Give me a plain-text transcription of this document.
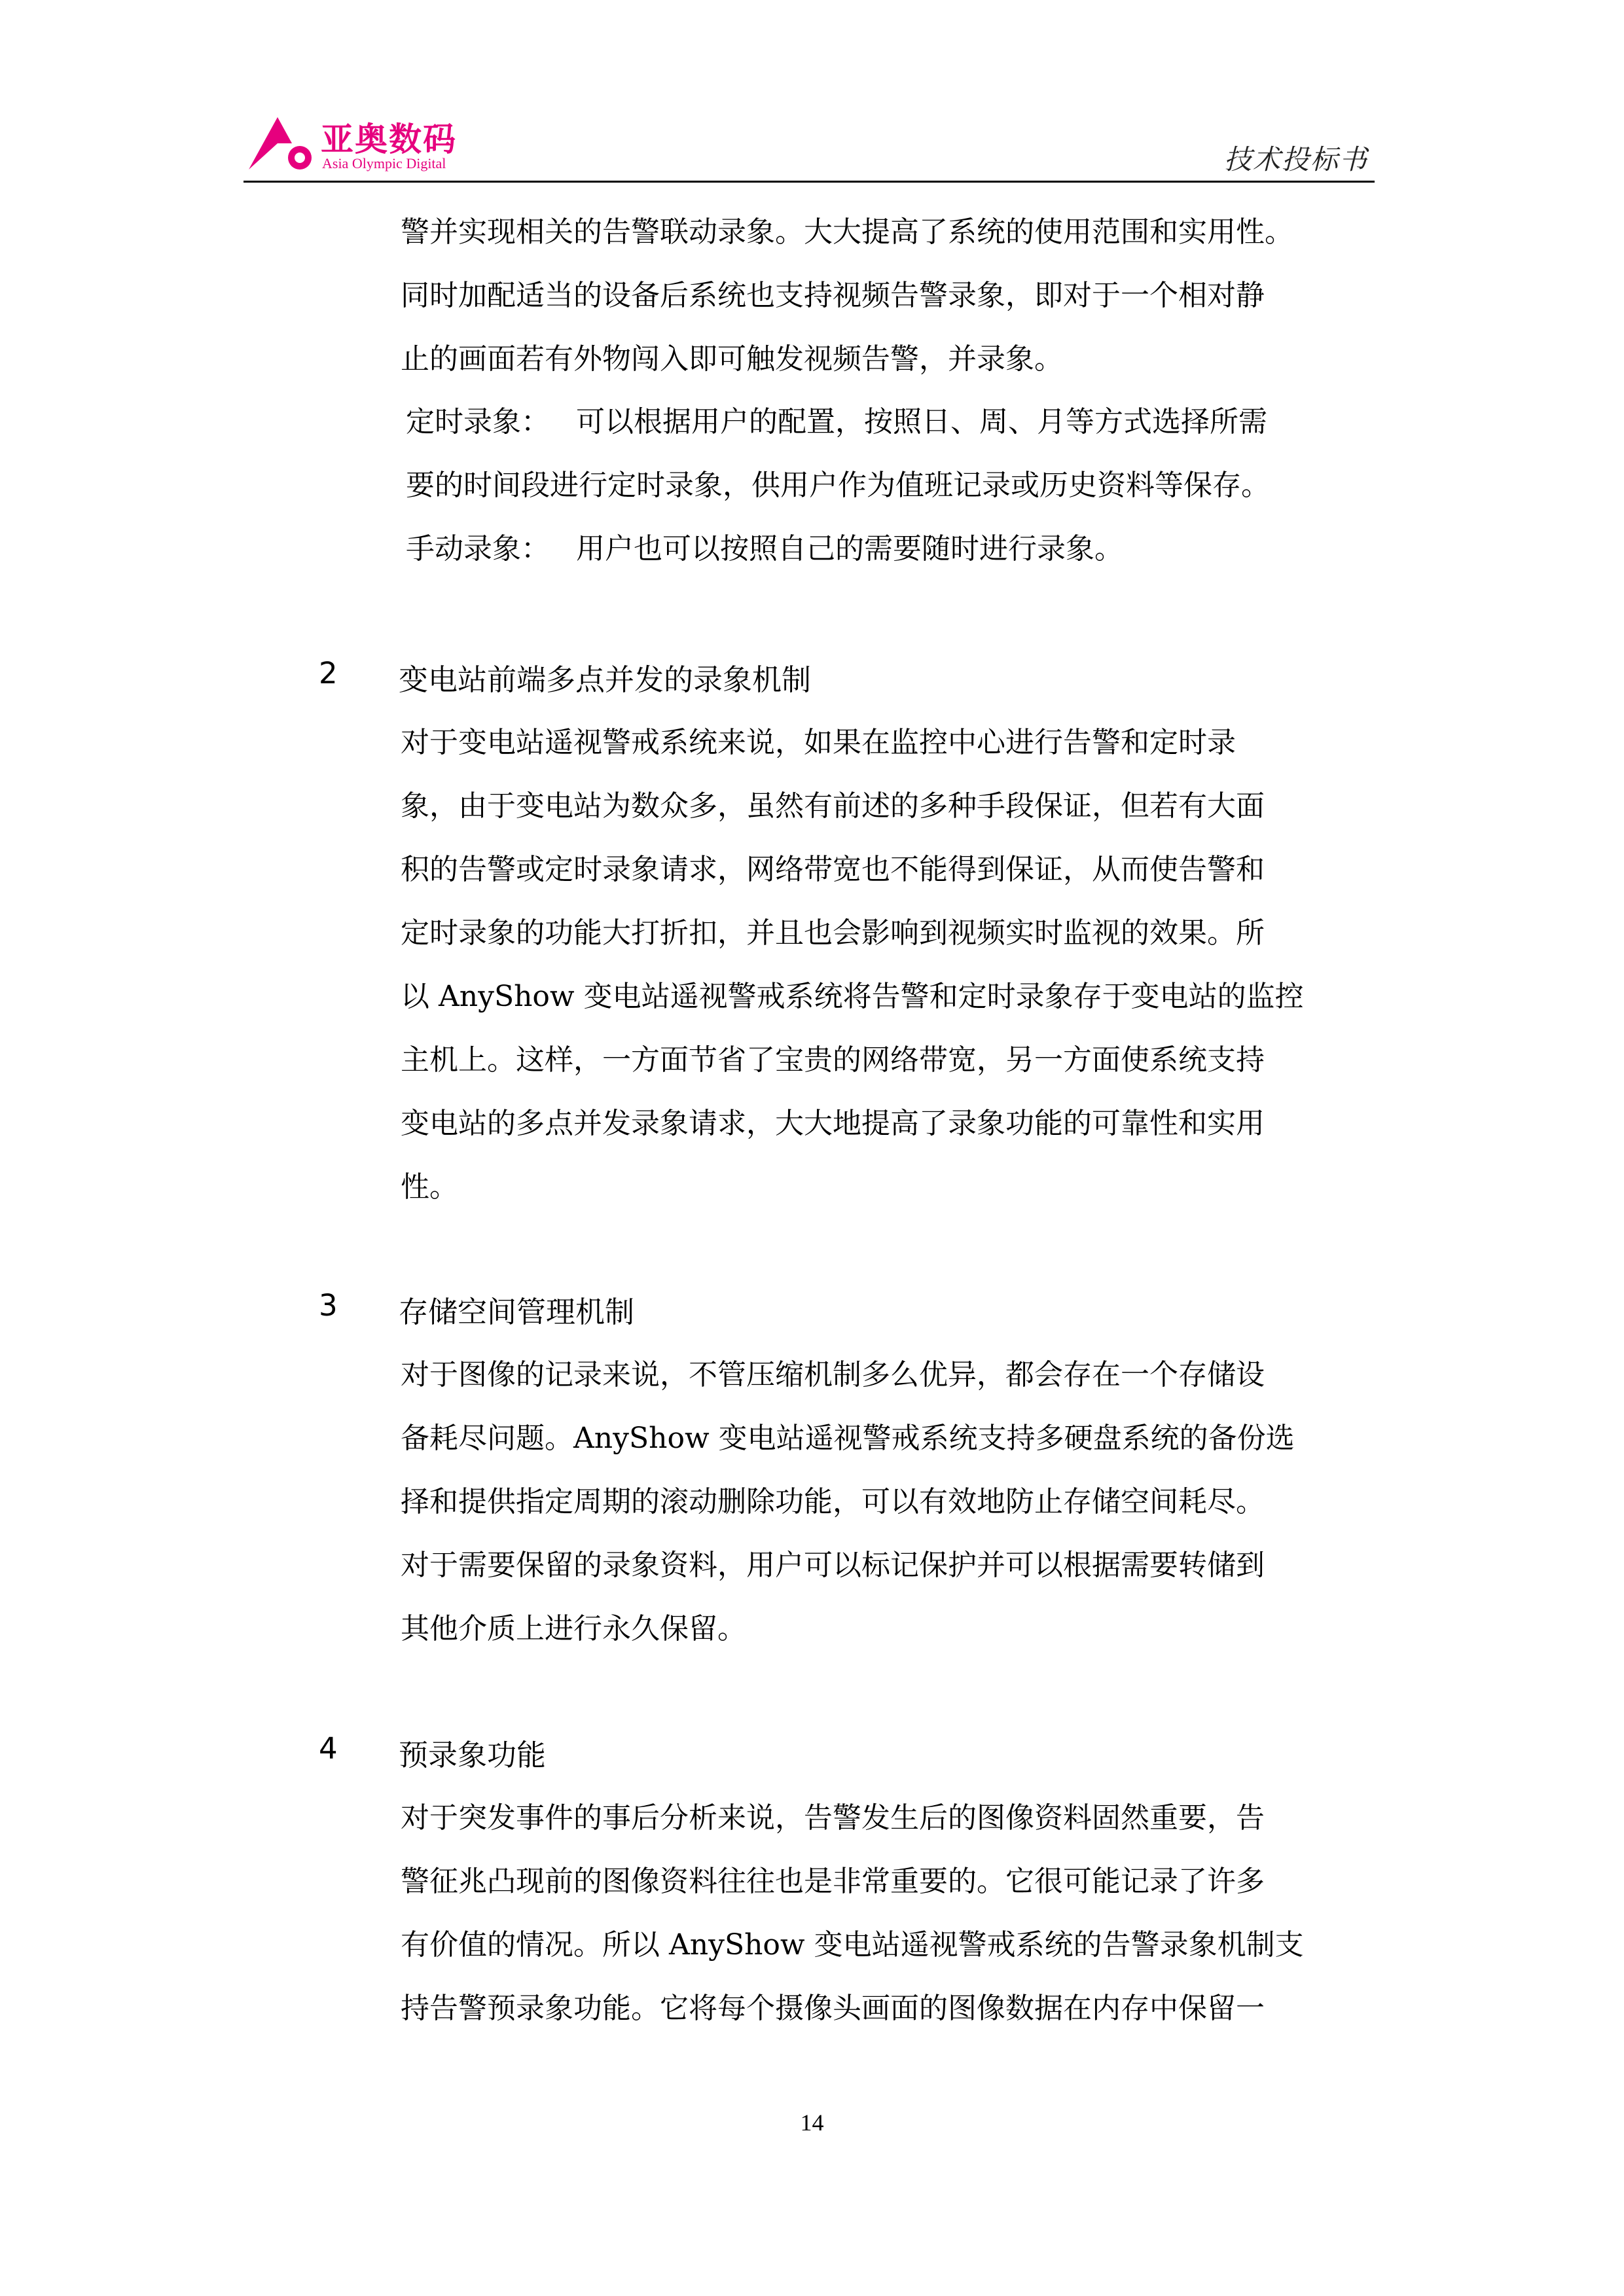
亚奥数码
Asia Olympic Digital	技术投标书
警并实现相关的告警联动录象。大大提高了系统的使用范围和实用性。
同时加配适当的设备后系统也支持视频告警录象，即对于一个相对静
止的画面若有外物闯入即可触发视频告警，并录象。
定时录象： 可以根据用户的配置，按照日、周、月等方式选择所需
要的时间段进行定时录象，供用户作为值班记录或历史资料等保存。
手动录象： 用户也可以按照自己的需要随时进行录象。
2 变电站前端多点并发的录象机制
对于变电站遥视警戒系统来说，如果在监控中心进行告警和定时录
象，由于变电站为数众多，虽然有前述的多种手段保证，但若有大面
积的告警或定时录象请求，网络带宽也不能得到保证，从而使告警和
定时录象的功能大打折扣，并且也会影响到视频实时监视的效果。所
以 AnyShow 变电站遥视警戒系统将告警和定时录象存于变电站的监控
主机上。这样，一方面节省了宝贵的网络带宽，另一方面使系统支持
变电站的多点并发录象请求，大大地提高了录象功能的可靠性和实用
性。
3 存储空间管理机制
对于图像的记录来说，不管压缩机制多么优异，都会存在一个存储设
备耗尽问题。AnyShow 变电站遥视警戒系统支持多硬盘系统的备份选
择和提供指定周期的滚动删除功能，可以有效地防止存储空间耗尽。
对于需要保留的录象资料，用户可以标记保护并可以根据需要转储到
其他介质上进行永久保留。
4 预录象功能
对于突发事件的事后分析来说，告警发生后的图像资料固然重要，告
警征兆凸现前的图像资料往往也是非常重要的。它很可能记录了许多
有价值的情况。所以 AnyShow 变电站遥视警戒系统的告警录象机制支
持告警预录象功能。它将每个摄像头画面的图像数据在内存中保留一
14
